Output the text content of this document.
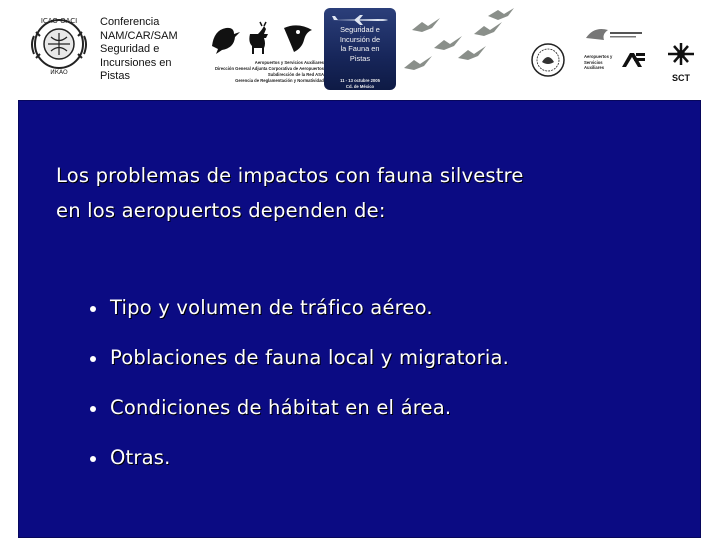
ICAO·OACI
ИКАО
Conferencia
NAM/CAR/SAM
Seguridad e
Incursiones en
Pistas
Aeropuertos y Servicios Auxiliares
Dirección General Adjunta Corporativa de Aeropuertos
Subdirección de la Red ASA
Gerencia de Reglamentación y Normatividad
Seguridad e
Incursión de
la Fauna en
Pistas
11 - 13 octubre 2005
Cd. de México
Aeropuertos y
Servicios
Auxiliares
SCT
Los problemas de impactos con fauna silvestre
en los aeropuertos dependen de:
Tipo y volumen de tráfico aéreo.
Poblaciones de fauna local y migratoria.
Condiciones de hábitat en el área.
Otras.
